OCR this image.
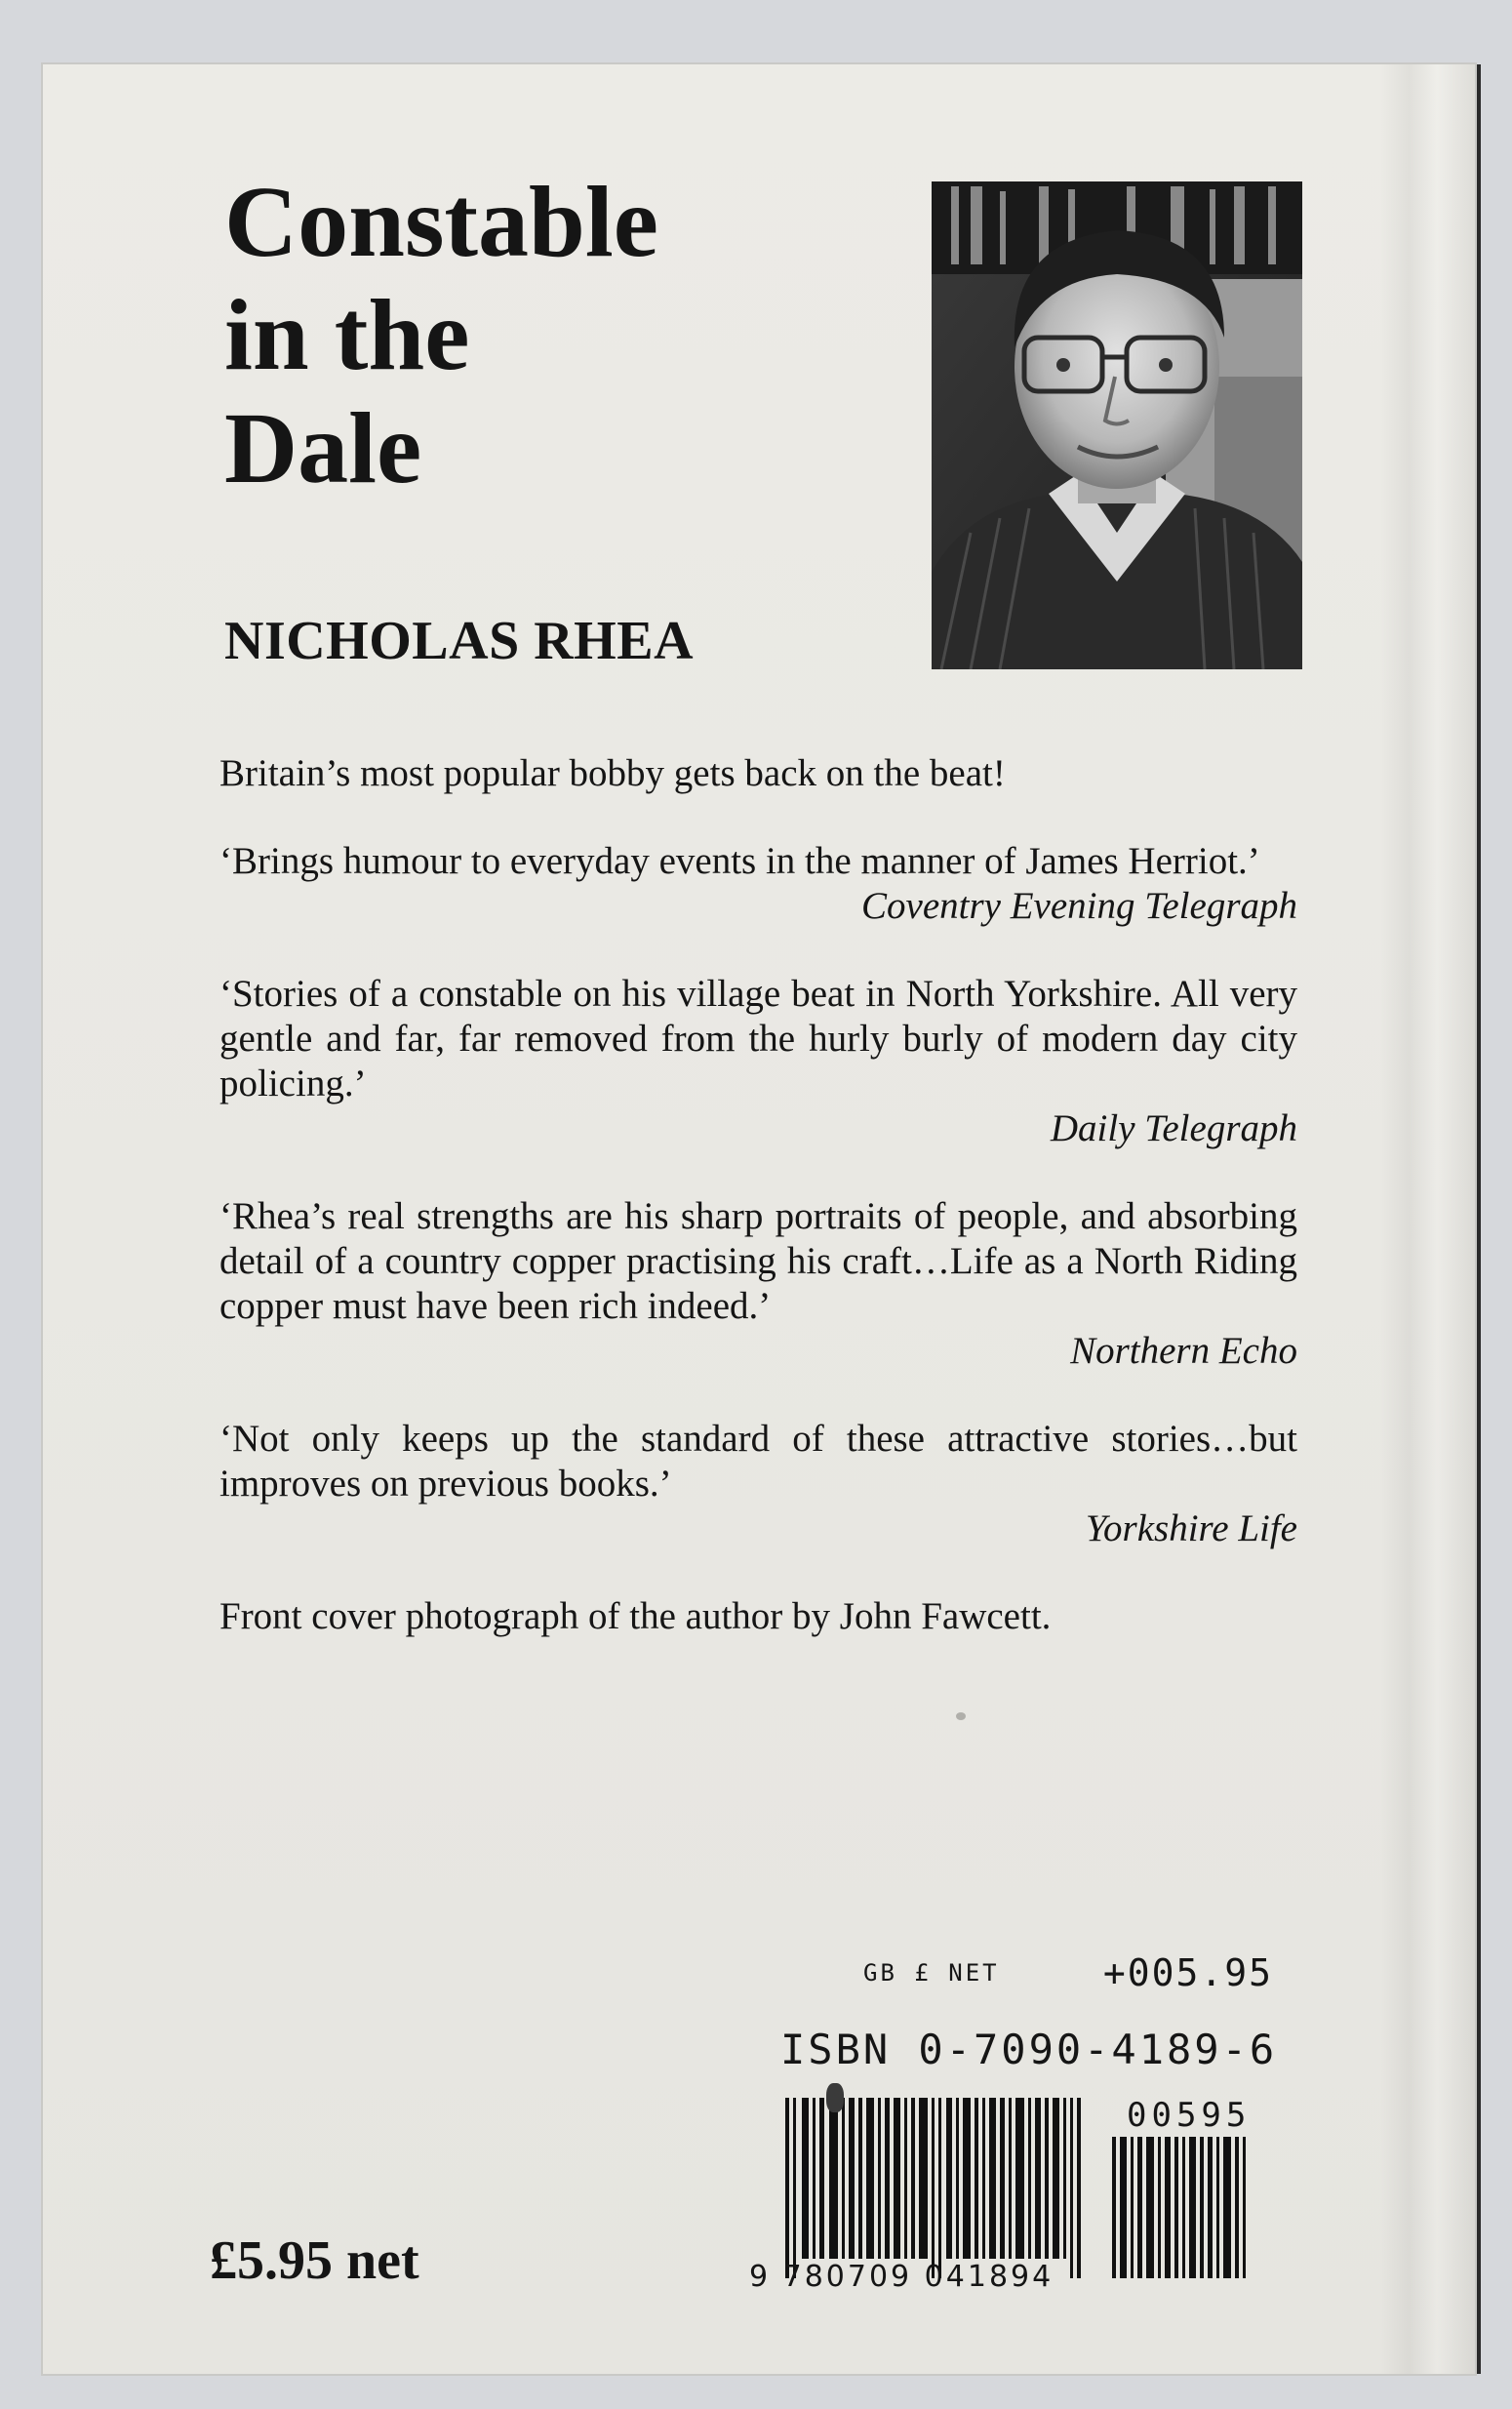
Constable
in the
Dale
NICHOLAS RHEA

Britain’s most popular bobby gets back on the beat!

‘Brings humour to everyday events in the manner of James Herriot.’

Coventry Evening Telegraph

‘Stories of a constable on his village beat in North Yorkshire. All very gentle and far, far removed from the hurly burly of modern day city policing.’

Daily Telegraph

‘Rhea’s real strengths are his sharp portraits of people, and absorbing detail of a country copper practising his craft…Life as a North Riding copper must have been rich indeed.’

Northern Echo

‘Not only keeps up the standard of these attractive stories…but improves on previous books.’

Yorkshire Life

Front cover photograph of the author by John Fawcett.

GB £ NET	+005.95
ISBN 0-7090-4189-6
00595
9 780709 041894
£5.95 net
